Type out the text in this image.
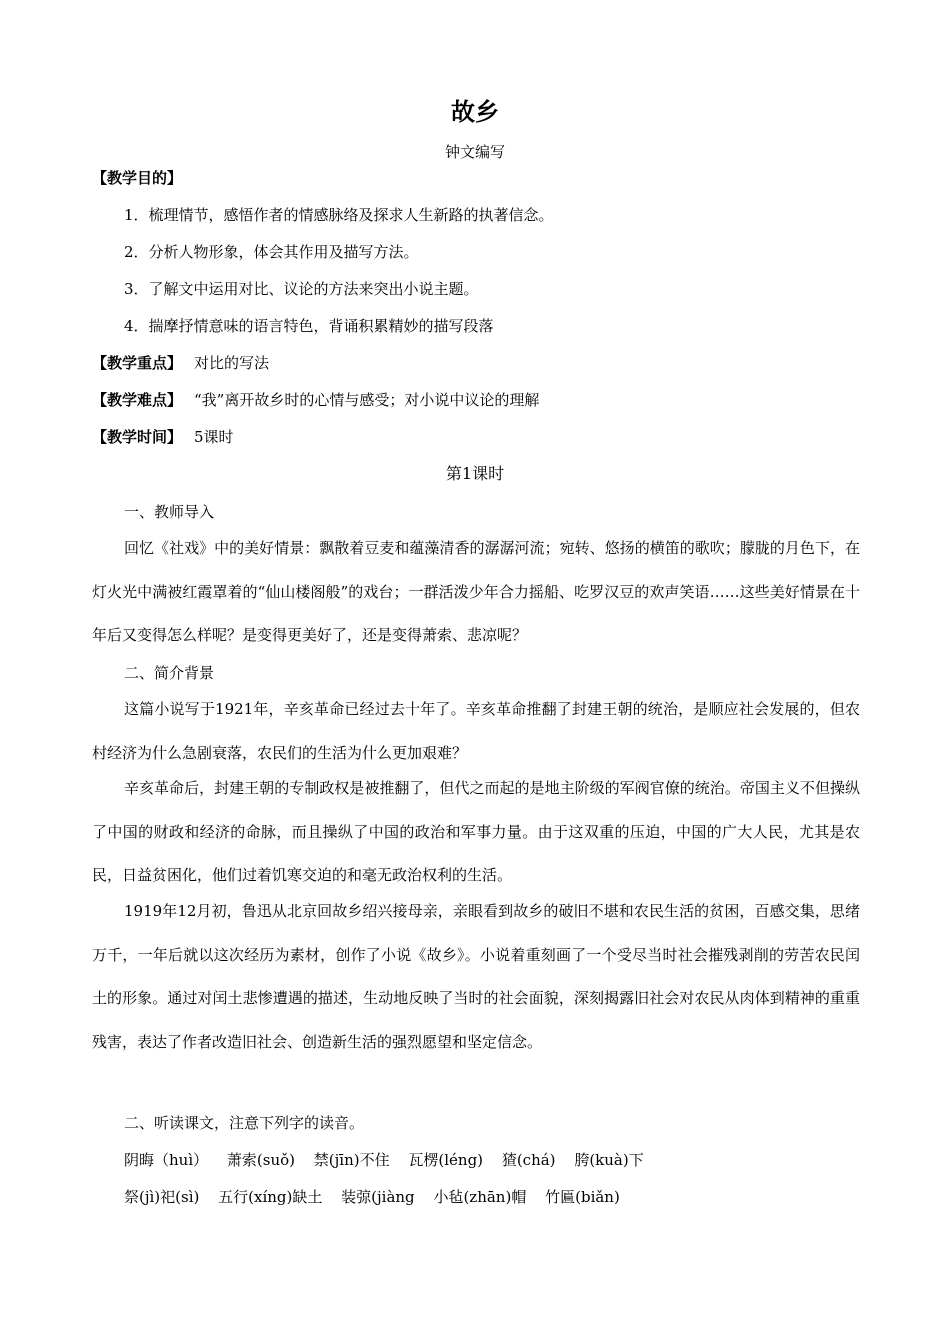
故乡
钟文编写
【教学目的】
1．梳理情节，感悟作者的情感脉络及探求人生新路的执著信念。
2．分析人物形象，体会其作用及描写方法。
3．了解文中运用对比、议论的方法来突出小说主题。
4．揣摩抒情意味的语言特色，背诵积累精妙的描写段落
【教学重点】 对比的写法
【教学难点】 “我”离开故乡时的心情与感受；对小说中议论的理解
【教学时间】 5课时
第1课时
一、教师导入
回忆《社戏》中的美好情景：飘散着豆麦和蕴藻清香的潺潺河流；宛转、悠扬的横笛的歌吹；朦胧的月色下，在灯火光中满被红霞罩着的“仙山楼阁般”的戏台；一群活泼少年合力摇船、吃罗汉豆的欢声笑语……这些美好情景在十年后又变得怎么样呢？是变得更美好了，还是变得萧索、悲凉呢？
二、简介背景
这篇小说写于1921年，辛亥革命已经过去十年了。辛亥革命推翻了封建王朝的统治，是顺应社会发展的，但农村经济为什么急剧衰落，农民们的生活为什么更加艰难？
辛亥革命后，封建王朝的专制政权是被推翻了，但代之而起的是地主阶级的军阀官僚的统治。帝国主义不但操纵了中国的财政和经济的命脉，而且操纵了中国的政治和军事力量。由于这双重的压迫，中国的广大人民，尤其是农民，日益贫困化，他们过着饥寒交迫的和毫无政治权利的生活。
1919年12月初，鲁迅从北京回故乡绍兴接母亲，亲眼看到故乡的破旧不堪和农民生活的贫困，百感交集，思绪万千，一年后就以这次经历为素材，创作了小说《故乡》。小说着重刻画了一个受尽当时社会摧残剥削的劳苦农民闰土的形象。通过对闰土悲惨遭遇的描述，生动地反映了当时的社会面貌，深刻揭露旧社会对农民从肉体到精神的重重残害，表达了作者改造旧社会、创造新生活的强烈愿望和坚定信念。
二、听读课文，注意下列字的读音。
阴晦（huì） 萧索(suǒ) 禁(jīn)不住 瓦楞(léng) 猹(chá) 胯(kuà)下
祭(jì)祀(sì) 五行(xíng)缺土 装弶(jiàng 小毡(zhān)帽 竹匾(biǎn)
